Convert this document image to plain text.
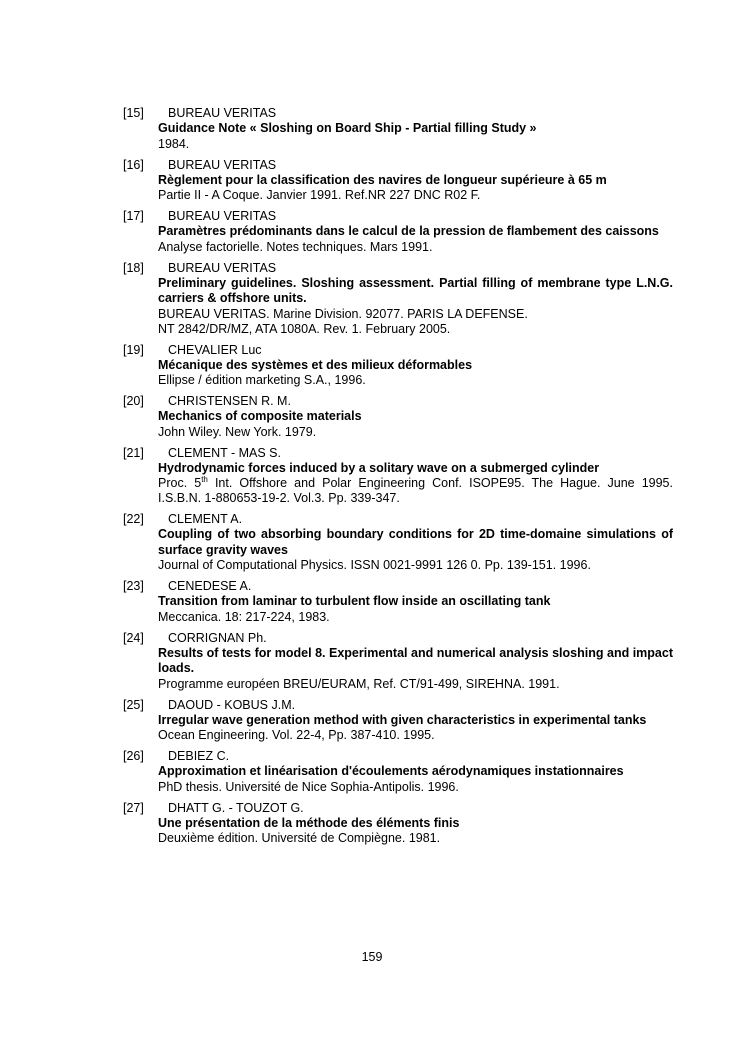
[15]	BUREAU VERITAS
Guidance Note « Sloshing on Board Ship - Partial filling Study »
1984.
[16]	BUREAU VERITAS
Règlement pour la classification des navires de longueur supérieure à 65 m
Partie II - A Coque. Janvier 1991. Ref.NR 227 DNC R02 F.
[17]	BUREAU VERITAS
Paramètres prédominants dans le calcul de la pression de flambement des caissons
Analyse factorielle. Notes techniques. Mars 1991.
[18]	BUREAU VERITAS
Preliminary guidelines. Sloshing assessment. Partial filling of membrane type L.N.G. carriers & offshore units.
BUREAU VERITAS. Marine Division. 92077. PARIS LA DEFENSE.
NT 2842/DR/MZ, ATA 1080A. Rev. 1. February 2005.
[19]	CHEVALIER Luc
Mécanique des systèmes et des milieux déformables
Ellipse / édition marketing S.A., 1996.
[20]	CHRISTENSEN R. M.
Mechanics of composite materials
John Wiley. New York. 1979.
[21]	CLEMENT - MAS S.
Hydrodynamic forces induced by a solitary wave on a submerged cylinder
Proc. 5th Int. Offshore and Polar Engineering Conf. ISOPE95. The Hague. June 1995. I.S.B.N. 1-880653-19-2. Vol.3. Pp. 339-347.
[22]	CLEMENT A.
Coupling of two absorbing boundary conditions for 2D time-domaine simulations of surface gravity waves
Journal of Computational Physics. ISSN 0021-9991 126 0. Pp. 139-151. 1996.
[23]	CENEDESE A.
Transition from laminar to turbulent flow inside an oscillating tank
Meccanica. 18: 217-224, 1983.
[24]	CORRIGNAN Ph.
Results of tests for model 8. Experimental and numerical analysis sloshing and impact loads.
Programme européen BREU/EURAM, Ref. CT/91-499, SIREHNA. 1991.
[25]	DAOUD - KOBUS J.M.
Irregular wave generation method with given characteristics in experimental tanks
Ocean Engineering. Vol. 22-4, Pp. 387-410. 1995.
[26]	DEBIEZ C.
Approximation et linéarisation d'écoulements aérodynamiques instationnaires
PhD thesis. Université de Nice Sophia-Antipolis. 1996.
[27]	DHATT G. - TOUZOT G.
Une présentation de la méthode des éléments finis
Deuxième édition. Université de Compiègne. 1981.
159
